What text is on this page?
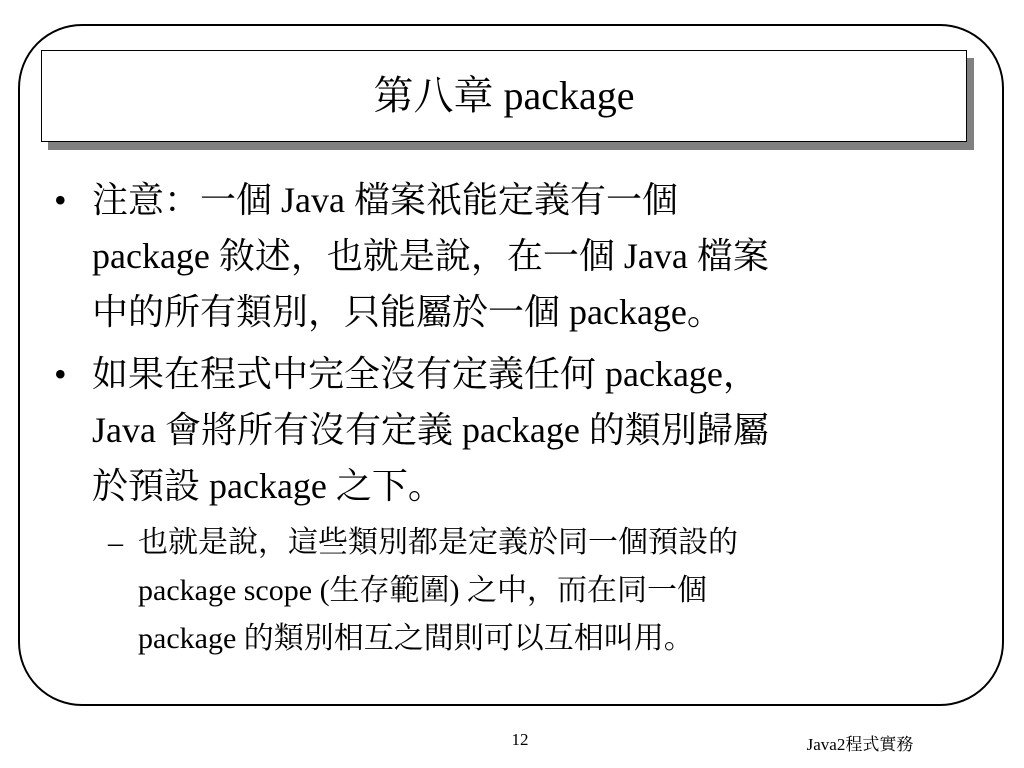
第八章 package
• 注意：一個 Java 檔案祇能定義有一個
package 敘述，也就是說，在一個 Java 檔案
中的所有類別，只能屬於一個 package。
• 如果在程式中完全沒有定義任何 package，
Java 會將所有沒有定義 package 的類別歸屬
於預設 package 之下。
– 也就是說，這些類別都是定義於同一個預設的
package scope (生存範圍) 之中，而在同一個
package 的類別相互之間則可以互相叫用。
12	Java2程式實務
